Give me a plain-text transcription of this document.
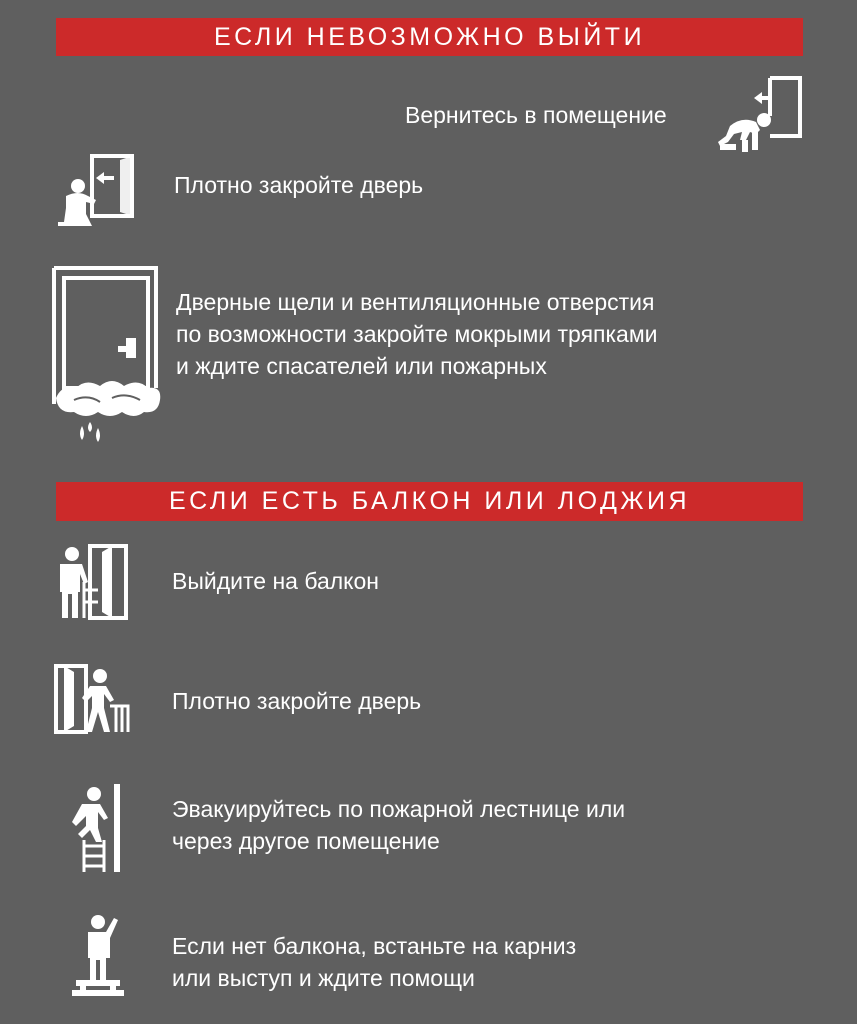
ЕСЛИ НЕВОЗМОЖНО ВЫЙТИ
Вернитесь в помещение
Плотно закройте дверь
Дверные щели и вентиляционные отверстия
по возможности закройте мокрыми тряпками
и ждите спасателей или пожарных
ЕСЛИ ЕСТЬ БАЛКОН ИЛИ ЛОДЖИЯ
Выйдите на балкон
Плотно закройте дверь
Эвакуируйтесь по пожарной лестнице или
через другое помещение
Если нет балкона, встаньте на карниз
или выступ и ждите помощи
